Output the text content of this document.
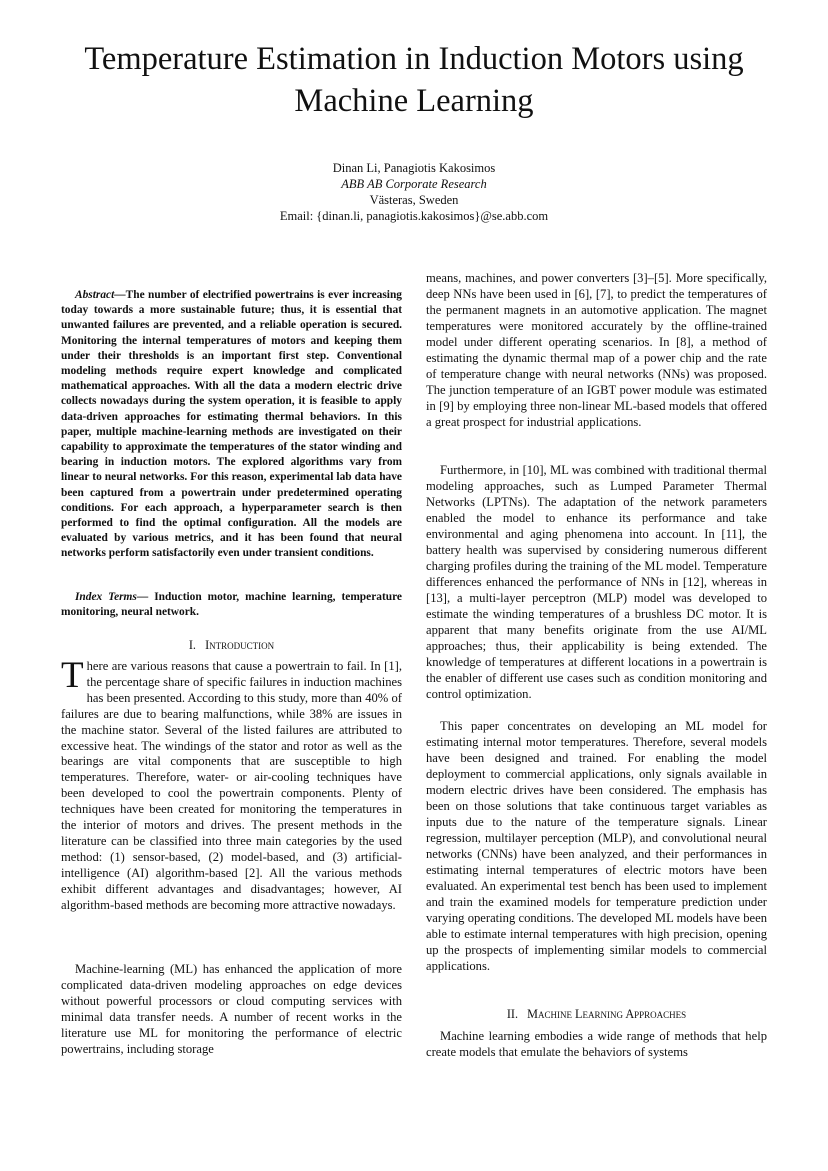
Temperature Estimation in Induction Motors using Machine Learning
Dinan Li, Panagiotis Kakosimos
ABB AB Corporate Research
Västeras, Sweden
Email: {dinan.li, panagiotis.kakosimos}@se.abb.com

Abstract—The number of electrified powertrains is ever increasing today towards a more sustainable future; thus, it is essential that unwanted failures are prevented, and a reliable operation is secured. Monitoring the internal temperatures of motors and keeping them under their thresholds is an important first step. Conventional modeling methods require expert knowledge and complicated mathematical approaches. With all the data a modern electric drive collects nowadays during the system operation, it is feasible to apply data-driven approaches for estimating thermal behaviors. In this paper, multiple machine-learning methods are investigated on their capability to approximate the temperatures of the stator winding and bearing in induction motors. The explored algorithms vary from linear to neural networks. For this reason, experimental lab data have been captured from a powertrain under predetermined operating conditions. For each approach, a hyperparameter search is then performed to find the optimal configuration. All the models are evaluated by various metrics, and it has been found that neural networks perform satisfactorily even under transient conditions.

Index Terms— Induction motor, machine learning, temperature monitoring, neural network.

I. Introduction

There are various reasons that cause a powertrain to fail. In [1], the percentage share of specific failures in induction machines has been presented. According to this study, more than 40% of failures are due to bearing malfunctions, while 38% are issues in the machine stator. Several of the listed failures are attributed to excessive heat. The windings of the stator and rotor as well as the bearings are vital components that are susceptible to high temperatures. Therefore, water- or air-cooling techniques have been developed to cool the powertrain components. Plenty of techniques have been created for monitoring the temperatures in the interior of motors and drives. The present methods in the literature can be classified into three main categories by the used method: (1) sensor-based, (2) model-based, and (3) artificial-intelligence (AI) algorithm-based [2]. All the various methods exhibit different advantages and disadvantages; however, AI algorithm-based methods are becoming more attractive nowadays.

Machine-learning (ML) has enhanced the application of more complicated data-driven modeling approaches on edge devices without powerful processors or cloud computing services with minimal data transfer needs. A number of recent works in the literature use ML for monitoring the performance of electric powertrains, including storage

means, machines, and power converters [3]–[5]. More specifically, deep NNs have been used in [6], [7], to predict the temperatures of the permanent magnets in an automotive application. The magnet temperatures were monitored accurately by the offline-trained model under different operating scenarios. In [8], a method of estimating the dynamic thermal map of a power chip and the rate of temperature change with neural networks (NNs) was proposed. The junction temperature of an IGBT power module was estimated in [9] by employing three non-linear ML-based models that offered a great prospect for industrial applications.

Furthermore, in [10], ML was combined with traditional thermal modeling approaches, such as Lumped Parameter Thermal Networks (LPTNs). The adaptation of the network parameters enabled the model to enhance its performance and take environmental and aging phenomena into account. In [11], the battery health was supervised by considering numerous different charging profiles during the training of the ML model. Temperature differences enhanced the performance of NNs in [12], whereas in [13], a multi-layer perceptron (MLP) model was developed to estimate the winding temperatures of a brushless DC motor. It is apparent that many benefits originate from the use AI/ML approaches; thus, their applicability is being extended. The knowledge of temperatures at different locations in a powertrain is the enabler of different use cases such as condition monitoring and control optimization.

This paper concentrates on developing an ML model for estimating internal motor temperatures. Therefore, several models have been designed and trained. For enabling the model deployment to commercial applications, only signals available in modern electric drives have been considered. The emphasis has been on those solutions that take continuous target variables as inputs due to the nature of the temperature signals. Linear regression, multilayer perception (MLP), and convolutional neural networks (CNNs) have been analyzed, and their performances in estimating internal temperatures of electric motors have been evaluated. An experimental test bench has been used to implement and train the examined models for temperature prediction under varying operating conditions. The developed ML models have been able to estimate internal temperatures with high precision, opening up the prospects of implementing similar models to commercial applications.

II. Machine Learning Approaches

Machine learning embodies a wide range of methods that help create models that emulate the behaviors of systems
